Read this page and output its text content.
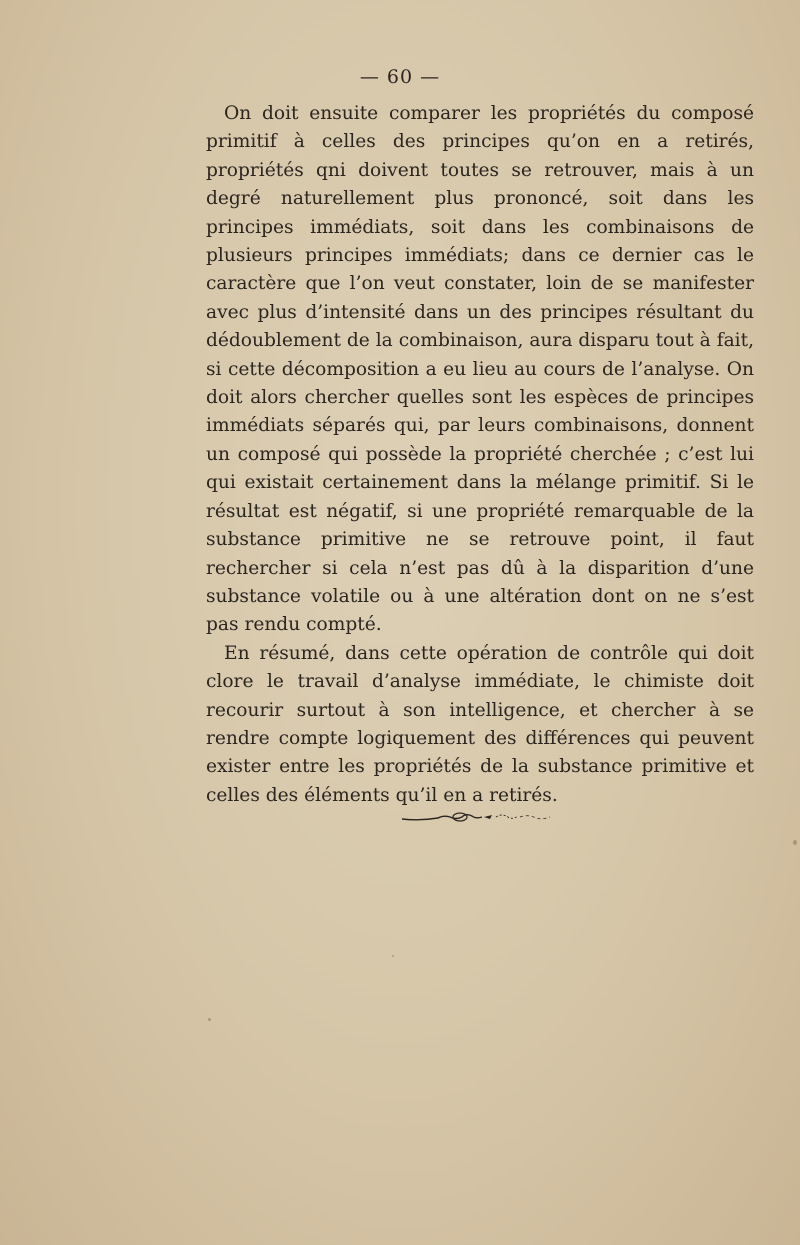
— 60 —

On doit ensuite comparer les propriétés du composé primitif à celles des principes qu’on en a retirés, propriétés qni doivent toutes se retrouver, mais à un degré naturellement plus prononcé, soit dans les principes immédiats, soit dans les combinaisons de plusieurs principes immédiats; dans ce dernier cas le caractère que l’on veut constater, loin de se manifester avec plus d’intensité dans un des principes résultant du dédoublement de la combinaison, aura disparu tout à fait, si cette décomposition a eu lieu au cours de l’analyse. On doit alors chercher quelles sont les espèces de principes immédiats séparés qui, par leurs combinaisons, donnent un composé qui possède la propriété cherchée ; c’est lui qui existait certainement dans la mélange primitif. Si le résultat est négatif, si une propriété remarquable de la substance primitive ne se retrouve point, il faut rechercher si cela n’est pas dû à la disparition d’une substance volatile ou à une altération dont on ne s’est pas rendu compté.

En résumé, dans cette opération de contrôle qui doit clore le travail d’analyse immédiate, le chimiste doit recourir surtout à son intelligence, et chercher à se rendre compte logiquement des différences qui peuvent exister entre les propriétés de la substance primitive et celles des éléments qu’il en a retirés.
